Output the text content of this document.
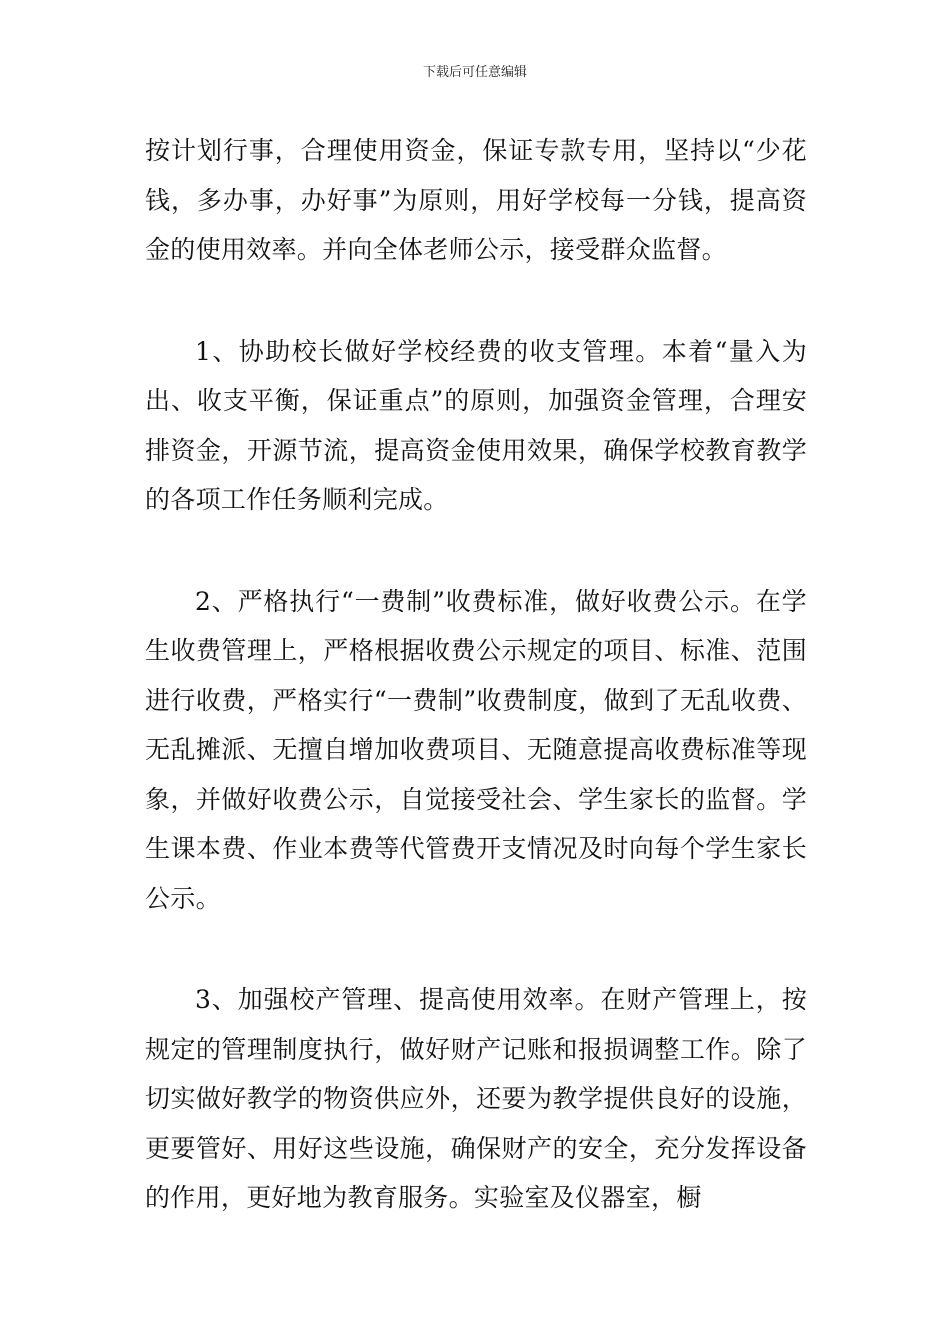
下载后可任意编辑

按计划行事，合理使用资金，保证专款专用，坚持以“少花钱，多办事，办好事”为原则，用好学校每一分钱，提高资金的使用效率。并向全体老师公示，接受群众监督。

1、协助校长做好学校经费的收支管理。本着“量入为出、收支平衡，保证重点”的原则，加强资金管理，合理安排资金，开源节流，提高资金使用效果，确保学校教育教学的各项工作任务顺利完成。

2、严格执行“一费制”收费标准，做好收费公示。在学生收费管理上，严格根据收费公示规定的项目、标准、范围进行收费，严格实行“一费制”收费制度，做到了无乱收费、无乱摊派、无擅自增加收费项目、无随意提高收费标准等现象，并做好收费公示，自觉接受社会、学生家长的监督。学生课本费、作业本费等代管费开支情况及时向每个学生家长公示。

3、加强校产管理、提高使用效率。在财产管理上，按规定的管理制度执行，做好财产记账和报损调整工作。除了切实做好教学的物资供应外，还要为教学提供良好的设施，更要管好、用好这些设施，确保财产的安全，充分发挥设备的作用，更好地为教育服务。实验室及仪器室，橱
